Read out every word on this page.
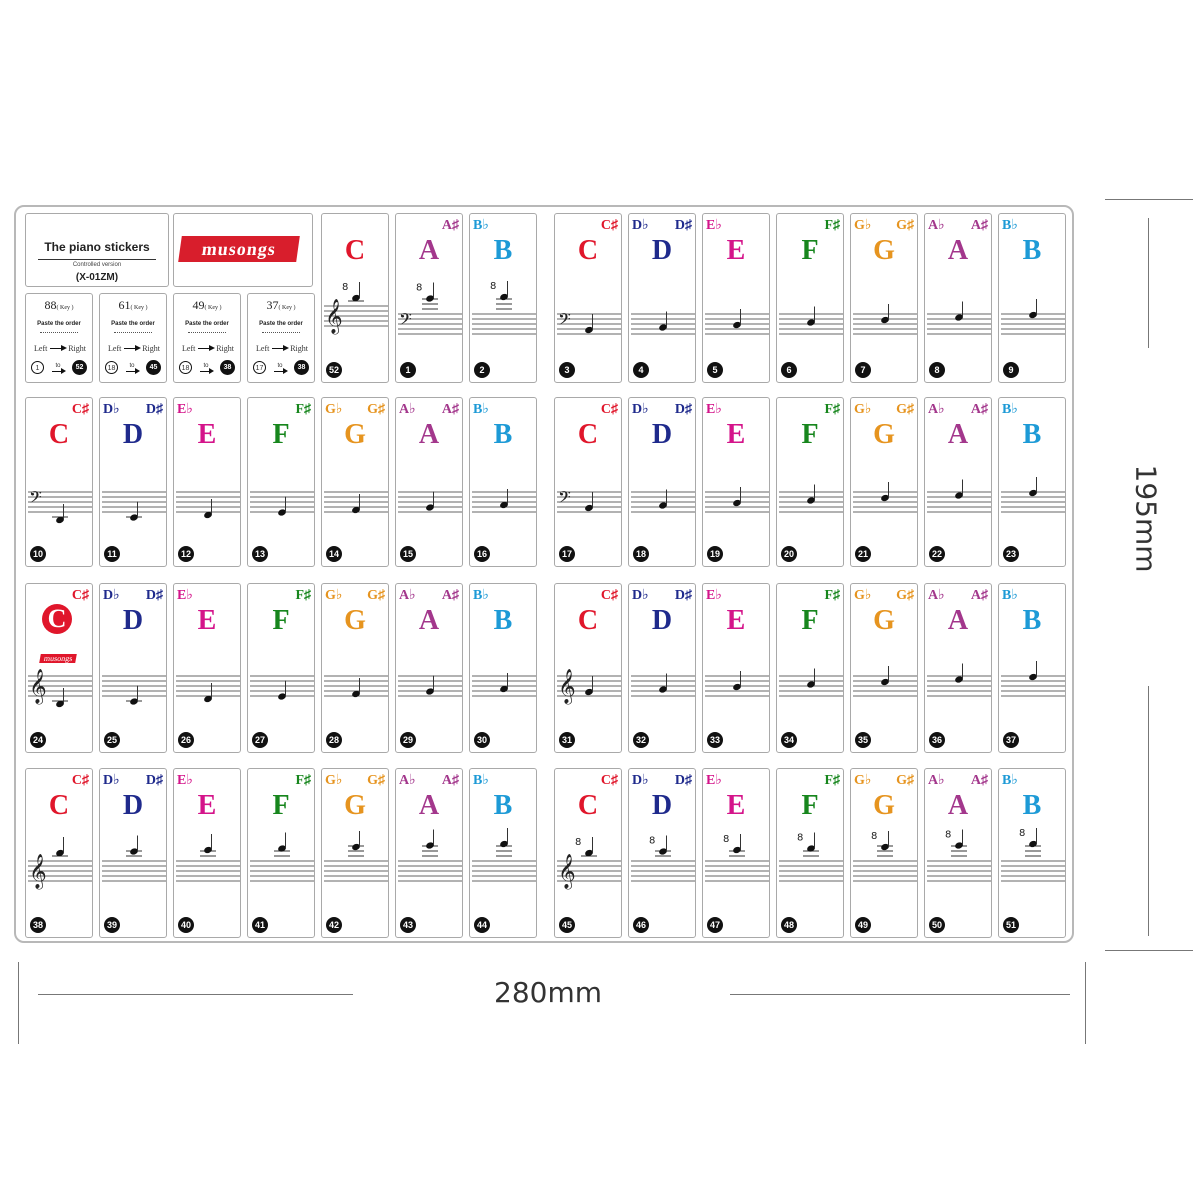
The piano stickers
Controlled version
(X-01ZM)
musongs
88( Key )
Paste the order
Left	Right
1	to	52
61( Key )
Paste the order
Left	Right
18	to	45
49( Key )
Paste the order
Left	Right
18	to	38
37( Key )
Paste the order
Left	Right
17	to	38
C
𝄞
8
52
A
A♯
𝄢
8
1
B
B♭
8
2
C
C♯
𝄢
3
D
D♭ D♯
4
E
E♭
5
F
F♯
6
G
G♭ G♯
7
A
A♭ A♯
8
B
B♭
9
C
C♯
𝄢
10
D
D♭ D♯
11
E
E♭
12
F
F♯
13
G
G♭ G♯
14
A
A♭ A♯
15
B
B♭
16
C
C♯
𝄢
17
D
D♭ D♯
18
E
E♭
19
F
F♯
20
G
G♭ G♯
21
A
A♭ A♯
22
B
B♭
23
C
musongs
C♯
𝄞
24
D
D♭ D♯
25
E
E♭
26
F
F♯
27
G
G♭ G♯
28
A
A♭ A♯
29
B
B♭
30
C
C♯
𝄞
31
D
D♭ D♯
32
E
E♭
33
F
F♯
34
G
G♭ G♯
35
A
A♭ A♯
36
B
B♭
37
C
C♯
𝄞
38
D
D♭ D♯
39
E
E♭
40
F
F♯
41
G
G♭ G♯
42
A
A♭ A♯
43
B
B♭
44
C
C♯
𝄞
8
45
D
D♭ D♯
8
46
E
E♭
8
47
F
F♯
8
48
G
G♭ G♯
8
49
A
A♭ A♯
8
50
B
B♭
8
51
280mm
195mm
